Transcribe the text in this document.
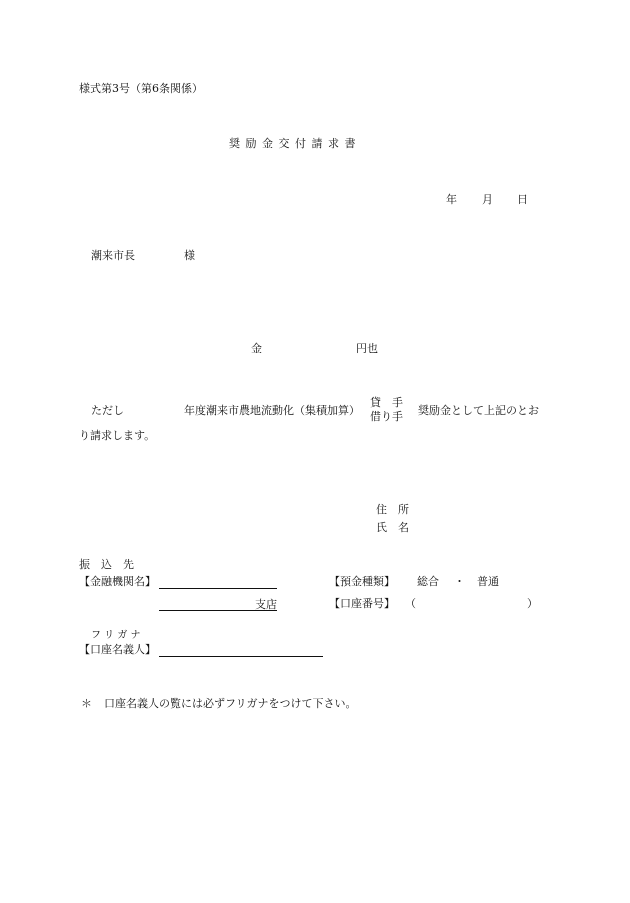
様式第3号（第6条関係）
奨 励 金 交 付 請 求 書
年 月 日
潮来市長	様
金	円也
ただし	年度潮来市農地流動化（集積加算）
貸　手
借り手 奨励金として上記のとお
り請求します。
住　所
氏　名
振　込　先
【金融機関名】	【預金種類】 総合 ・ 普通
支店	【口座番号】 （	）
フ リ ガ ナ
【口座名義人】
＊ 口座名義人の覧には必ずフリガナをつけて下さい。
